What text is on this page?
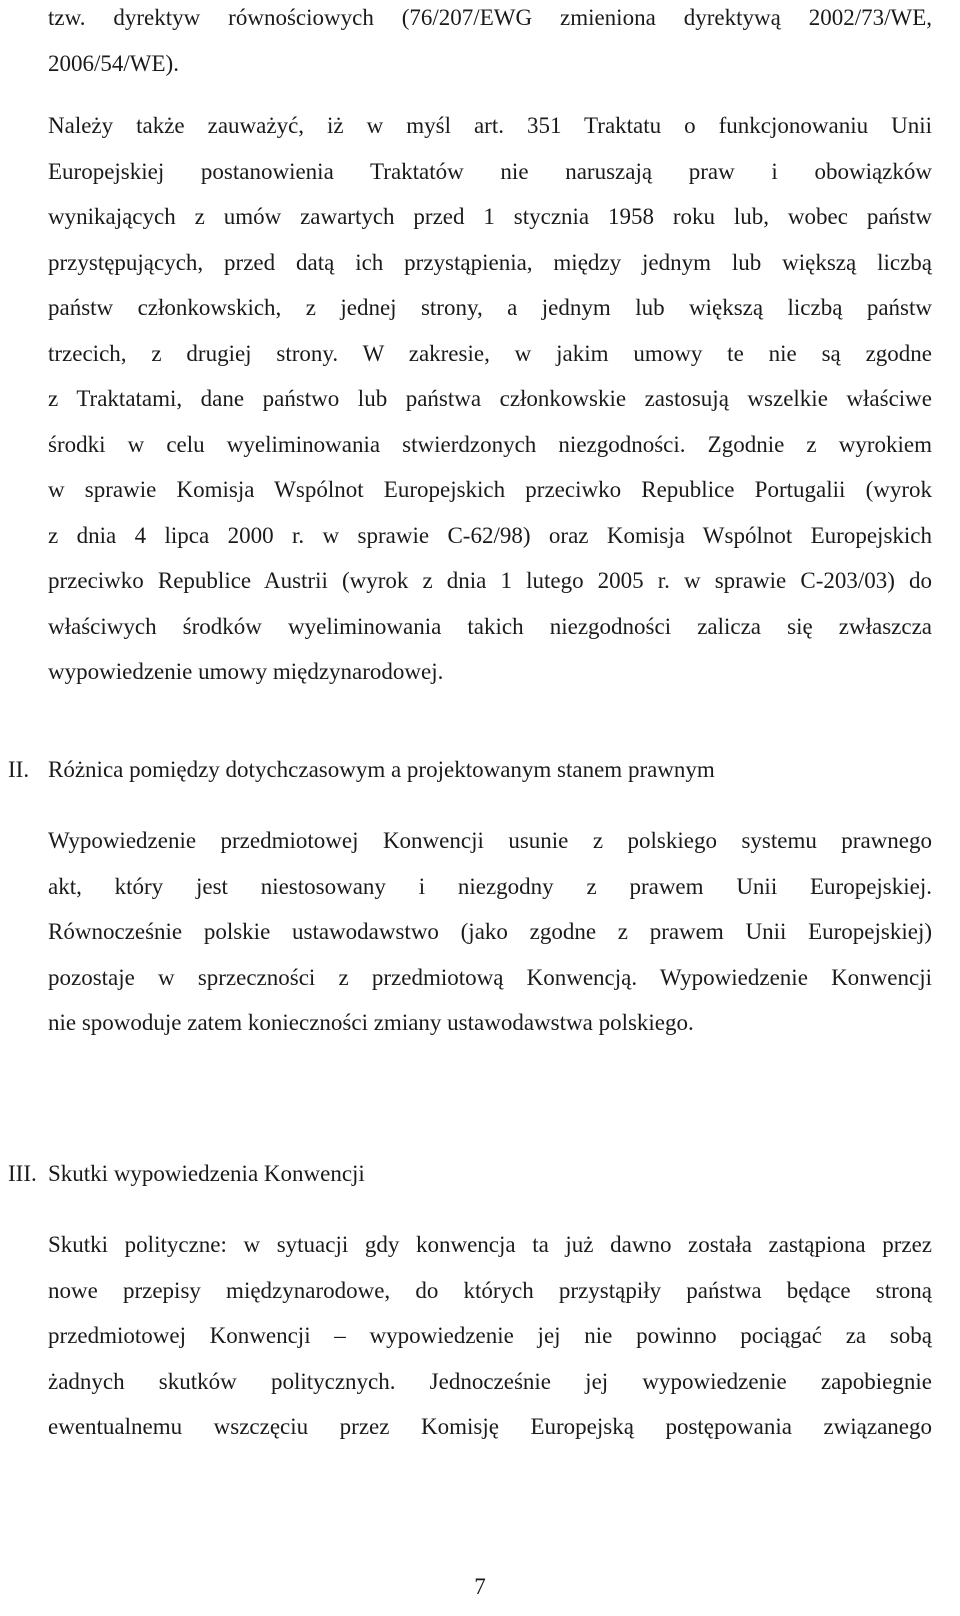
tzw. dyrektyw równościowych (76/207/EWG zmieniona dyrektywą 2002/73/WE,
2006/54/WE).

Należy także zauważyć, iż w myśl art. 351 Traktatu o funkcjonowaniu Unii
Europejskiej postanowienia Traktatów nie naruszają praw i obowiązków
wynikających z umów zawartych przed 1 stycznia 1958 roku lub, wobec państw
przystępujących, przed datą ich przystąpienia, między jednym lub większą liczbą
państw członkowskich, z jednej strony, a jednym lub większą liczbą państw
trzecich, z drugiej strony. W zakresie, w jakim umowy te nie są zgodne
z Traktatami, dane państwo lub państwa członkowskie zastosują wszelkie właściwe
środki w celu wyeliminowania stwierdzonych niezgodności. Zgodnie z wyrokiem
w sprawie Komisja Wspólnot Europejskich przeciwko Republice Portugalii (wyrok
z dnia 4 lipca 2000 r. w sprawie C-62/98) oraz Komisja Wspólnot Europejskich
przeciwko Republice Austrii (wyrok z dnia 1 lutego 2005 r. w sprawie C-203/03) do
właściwych środków wyeliminowania takich niezgodności zalicza się zwłaszcza
wypowiedzenie umowy międzynarodowej.

II. Różnica pomiędzy dotychczasowym a projektowanym stanem prawnym

Wypowiedzenie przedmiotowej Konwencji usunie z polskiego systemu prawnego
akt, który jest niestosowany i niezgodny z prawem Unii Europejskiej.
Równocześnie polskie ustawodawstwo (jako zgodne z prawem Unii Europejskiej)
pozostaje w sprzeczności z przedmiotową Konwencją. Wypowiedzenie Konwencji
nie spowoduje zatem konieczności zmiany ustawodawstwa polskiego.

III. Skutki wypowiedzenia Konwencji

Skutki polityczne: w sytuacji gdy konwencja ta już dawno została zastąpiona przez
nowe przepisy międzynarodowe, do których przystąpiły państwa będące stroną
przedmiotowej Konwencji – wypowiedzenie jej nie powinno pociągać za sobą
żadnych skutków politycznych. Jednocześnie jej wypowiedzenie zapobiegnie
ewentualnemu wszczęciu przez Komisję Europejską postępowania związanego

7
